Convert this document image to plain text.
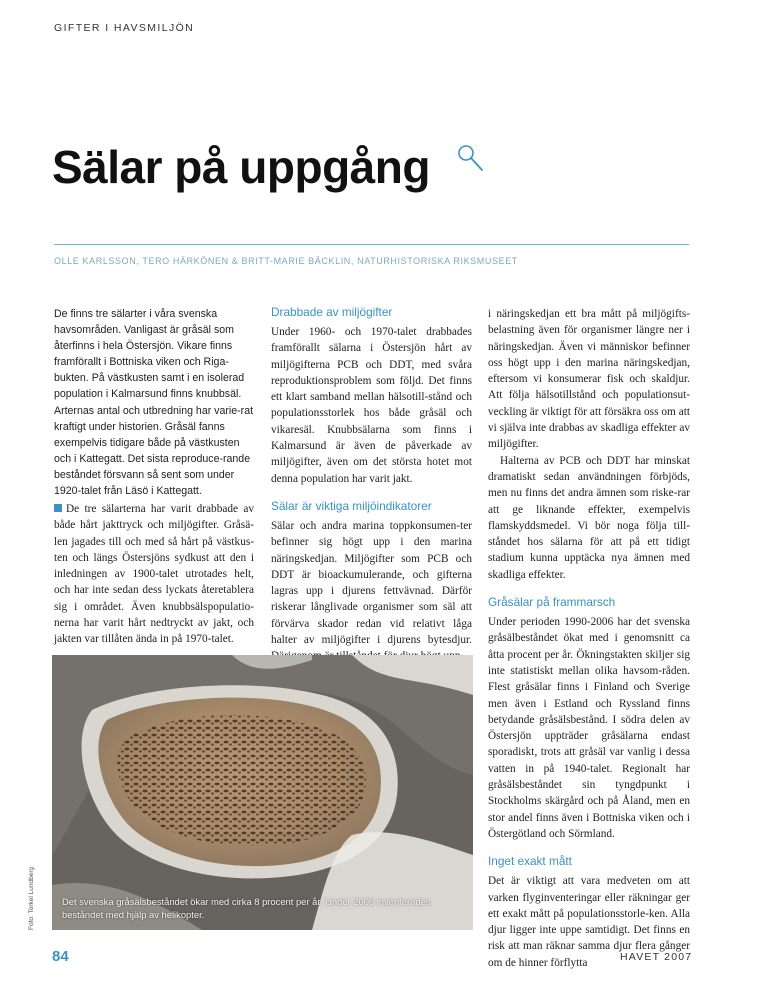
GIFTER I HAVSMILJÖN
Sälar på uppgång
OLLE KARLSSON, TERO HÄRKÖNEN & BRITT-MARIE BÄCKLIN, NATURHISTORISKA RIKSMUSEET
De finns tre sälarter i våra svenska havsområden. Vanligast är gråsäl som återfinns i hela Östersjön. Vikare finns framförallt i Bottniska viken och Riga-bukten. På västkusten samt i en isolerad population i Kalmarsund finns knubbsäl. Arternas antal och utbredning har varie-rat kraftigt under historien. Gråsäl fanns exempelvis tidigare både på västkusten och i Kattegatt. Det sista reproduce-rande beståndet försvann så sent som under 1920-talet från Läsö i Kattegatt.

De tre sälarterna har varit drabbade av både hårt jakttryck och miljögifter. Gråsä-len jagades till och med så hårt på västkus-ten och längs Östersjöns sydkust att den i inledningen av 1900-talet utrotades helt, och har inte sedan dess lyckats återetablera sig i området. Även knubbsälspopulatio-nerna har varit hårt nedtryckt av jakt, och jakten var tillåten ända in på 1970-talet.

Drabbade av miljögifter

Under 1960- och 1970-talet drabbades framförallt sälarna i Östersjön hårt av miljögifterna PCB och DDT, med svåra reproduktionsproblem som följd. Det finns ett klart samband mellan hälsotill-stånd och populationsstorlek hos både gråsäl och vikaresäl. Knubbsälarna som finns i Kalmarsund är även de påverkade av miljögifter, även om det största hotet mot denna population har varit jakt.

Sälar är viktiga miljöindikatorer

Sälar och andra marina toppkonsumen-ter befinner sig högt upp i den marina näringskedjan. Miljögifter som PCB och DDT är bioackumulerande, och gifterna lagras upp i djurens fettvävnad. Därför riskerar långlivade organismer som säl att förvärva skador redan vid relativt låga halter av miljögifter i djurens bytesdjur.

i näringskedjan ett bra mått på miljögifts-belastning även för organismer längre ner i näringskedjan. Även vi människor befinner oss högt upp i den marina näringskedjan, eftersom vi konsumerar fisk och skaldjur. Att följa hälsotillstånd och populationsut-veckling är viktigt för att försäkra oss om att vi själva inte drabbas av skadliga effekter av miljögifter.

Halterna av PCB och DDT har minskat dramatiskt sedan användningen förbjöds, men nu finns det andra ämnen som riske-rar att ge liknande effekter, exempelvis flamskyddsmedel. Vi bör noga följa till-ståndet hos sälarna för att på ett tidigt stadium kunna upptäcka nya ämnen med skadliga effekter.

Gråsälar på frammarsch

Under perioden 1990-2006 har det svenska gråsälbeståndet ökat med i genomsnitt ca åtta procent per år. Ökningstakten skiljer sig inte statistiskt mellan olika havsom-råden. Flest gråsälar finns i Finland och Sverige men även i Estland och Ryssland finns betydande gråsälsbestånd. I södra delen av Östersjön uppträder gråsälarna endast sporadiskt, trots att gråsäl var vanlig i dessa vatten in på 1940-talet. Regionalt har gråsälsbeståndet sin tyngdpunkt i Stockholms skärgård och på Åland, men en stor andel finns även i Bottniska viken och i Östergötland och Sörmland.

Inget exakt mått

Det är viktigt att vara medveten om att varken flyginventeringar eller räkningar ger ett exakt mått på populationsstorle-ken. Alla djur ligger inte uppe samtidigt. Det finns en risk att man räknar samma djur flera gånger om de hinner förflytta

Det svenska gråsälsbeståndet ökar med cirka 8 procent per år. Under 2006 inventerades beståndet med hjälp av helikopter.
Foto: Torkel Lundberg
84	HAVET 2007
